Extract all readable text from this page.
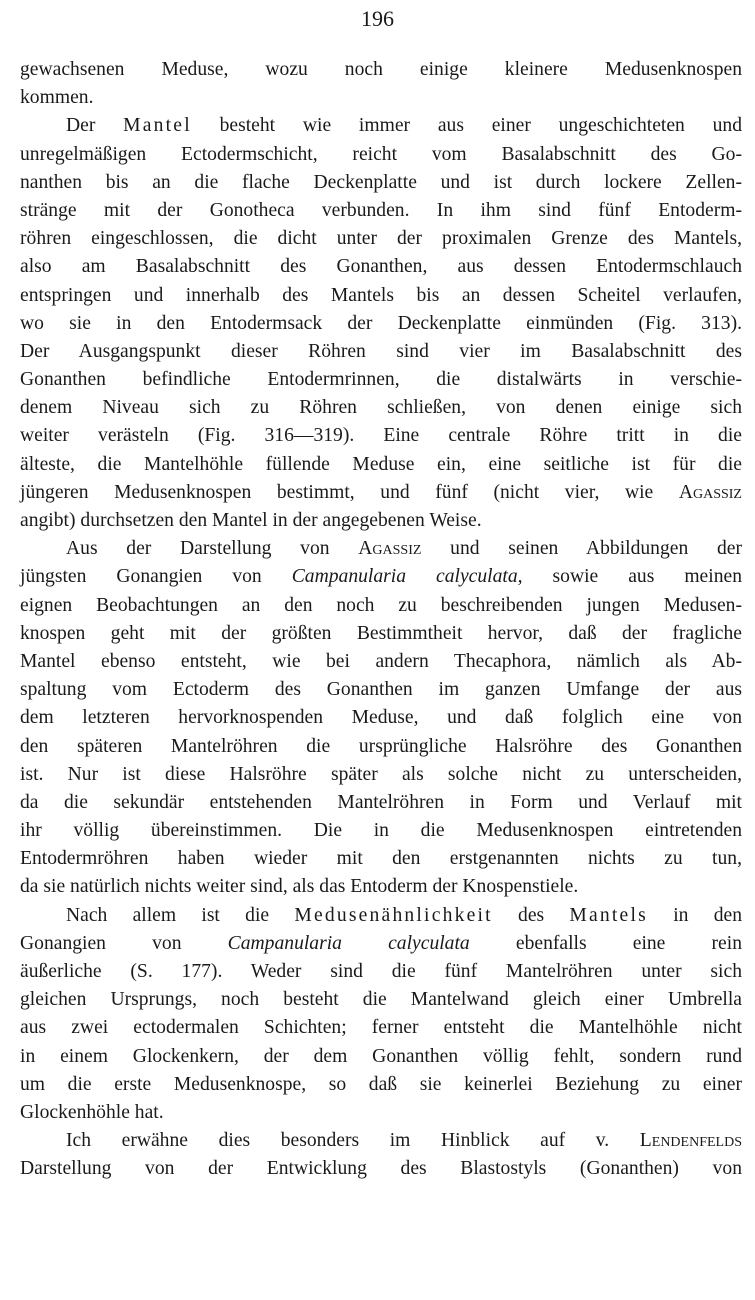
196
gewachsenen Meduse, wozu noch einige kleinere Medusenknospen
kommen.
Der Mantel besteht wie immer aus einer ungeschichteten und
unregelmäßigen Ectodermschicht, reicht vom Basalabschnitt des Go-
nanthen bis an die flache Deckenplatte und ist durch lockere Zellen-
stränge mit der Gonotheca verbunden. In ihm sind fünf Entoderm-
röhren eingeschlossen, die dicht unter der proximalen Grenze des Mantels,
also am Basalabschnitt des Gonanthen, aus dessen Entodermschlauch
entspringen und innerhalb des Mantels bis an dessen Scheitel verlaufen,
wo sie in den Entodermsack der Deckenplatte einmünden (Fig. 313).
Der Ausgangspunkt dieser Röhren sind vier im Basalabschnitt des
Gonanthen befindliche Entodermrinnen, die distalwärts in verschie-
denem Niveau sich zu Röhren schließen, von denen einige sich
weiter verästeln (Fig. 316—319). Eine centrale Röhre tritt in die
älteste, die Mantelhöhle füllende Meduse ein, eine seitliche ist für die
jüngeren Medusenknospen bestimmt, und fünf (nicht vier, wie Agassiz
angibt) durchsetzen den Mantel in der angegebenen Weise.
Aus der Darstellung von Agassiz und seinen Abbildungen der
jüngsten Gonangien von Campanularia calyculata, sowie aus meinen
eignen Beobachtungen an den noch zu beschreibenden jungen Medusen-
knospen geht mit der größten Bestimmtheit hervor, daß der fragliche
Mantel ebenso entsteht, wie bei andern Thecaphora, nämlich als Ab-
spaltung vom Ectoderm des Gonanthen im ganzen Umfange der aus
dem letzteren hervorknospenden Meduse, und daß folglich eine von
den späteren Mantelröhren die ursprüngliche Halsröhre des Gonanthen
ist. Nur ist diese Halsröhre später als solche nicht zu unterscheiden,
da die sekundär entstehenden Mantelröhren in Form und Verlauf mit
ihr völlig übereinstimmen. Die in die Medusenknospen eintretenden
Entodermröhren haben wieder mit den erstgenannten nichts zu tun,
da sie natürlich nichts weiter sind, als das Entoderm der Knospenstiele.
Nach allem ist die Medusenähnlichkeit des Mantels in den
Gonangien von Campanularia calyculata ebenfalls eine rein
äußerliche (S. 177). Weder sind die fünf Mantelröhren unter sich
gleichen Ursprungs, noch besteht die Mantelwand gleich einer Umbrella
aus zwei ectodermalen Schichten; ferner entsteht die Mantelhöhle nicht
in einem Glockenkern, der dem Gonanthen völlig fehlt, sondern rund
um die erste Medusenknospe, so daß sie keinerlei Beziehung zu einer
Glockenhöhle hat.
Ich erwähne dies besonders im Hinblick auf v. Lendenfelds
Darstellung von der Entwicklung des Blastostyls (Gonanthen) von
